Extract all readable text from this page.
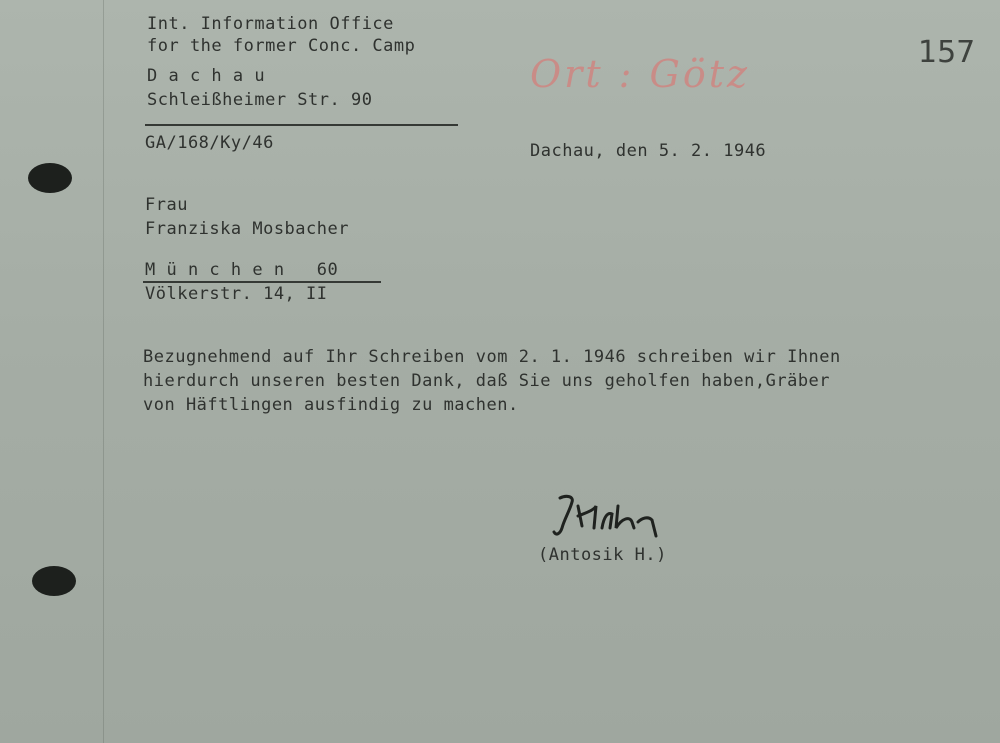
Int. Information Office
for the former Conc. Camp
D a c h a u
Schleißheimer Str. 90
GA/168/Ky/46	Dachau, den 5. 2. 1946
157
Ort : Götz
Frau
Franziska Mosbacher
M ü n c h e n   60
Völkerstr. 14, II
Bezugnehmend auf Ihr Schreiben vom 2. 1. 1946 schreiben wir Ihnen
hierdurch unseren besten Dank, daß Sie uns geholfen haben,Gräber
von Häftlingen ausfindig zu machen.
(Antosik H.)
